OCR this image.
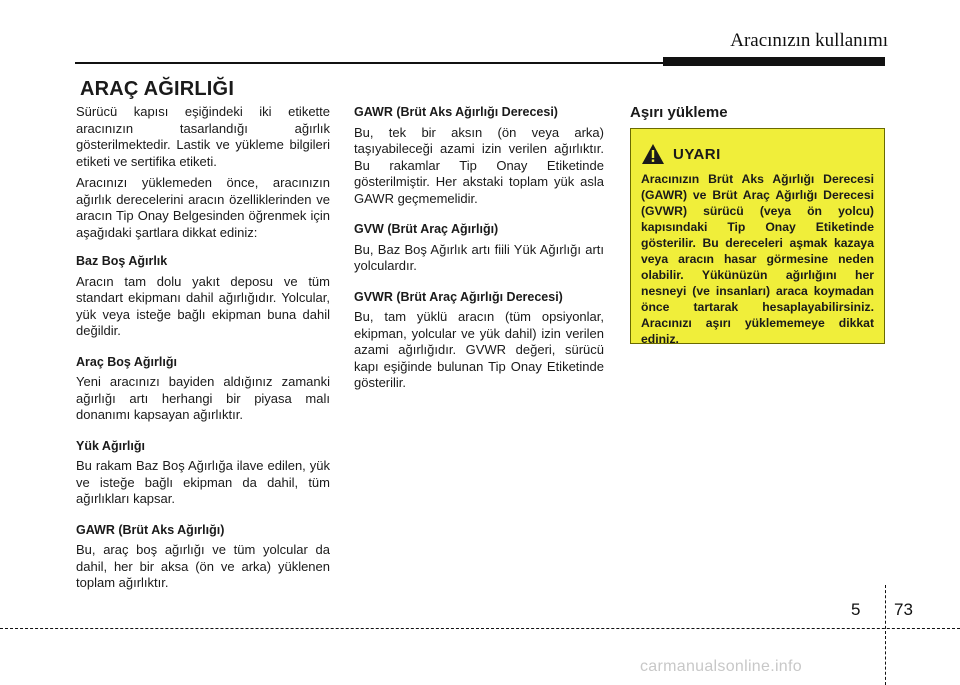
Aracınızın kullanımı
ARAÇ AĞIRLIĞI

Sürücü kapısı eşiğindeki iki etikette aracınızın tasarlandığı ağırlık gösterilmektedir. Lastik ve yükleme bilgileri etiketi ve sertifika etiketi.

Aracınızı yüklemeden önce, aracınızın ağırlık derecelerini aracın özelliklerinden ve aracın Tip Onay Belgesinden öğrenmek için aşağıdaki şartlara dikkat ediniz:

Baz Boş Ağırlık

Aracın tam dolu yakıt deposu ve tüm standart ekipmanı dahil ağırlığıdır. Yolcular, yük veya isteğe bağlı ekipman buna dahil değildir.

Araç Boş Ağırlığı

Yeni aracınızı bayiden aldığınız zamanki ağırlığı artı herhangi bir piyasa malı donanımı kapsayan ağırlıktır.

Yük Ağırlığı

Bu rakam Baz Boş Ağırlığa ilave edilen, yük ve isteğe bağlı ekipman da dahil, tüm ağırlıkları kapsar.

GAWR (Brüt Aks Ağırlığı)

Bu, araç boş ağırlığı ve tüm yolcular da dahil, her bir aksa (ön ve arka) yüklenen toplam ağırlıktır.

GAWR (Brüt Aks Ağırlığı Derecesi)

Bu, tek bir aksın (ön veya arka) taşıyabileceği azami izin verilen ağırlıktır. Bu rakamlar Tip Onay Etiketinde gösterilmiştir. Her akstaki toplam yük asla GAWR geçmemelidir.

GVW (Brüt Araç Ağırlığı)

Bu, Baz Boş Ağırlık artı fiili Yük Ağırlığı artı yolculardır.

GVWR (Brüt Araç Ağırlığı Derecesi)

Bu, tam yüklü aracın (tüm opsiyonlar, ekipman, yolcular ve yük dahil) izin verilen azami ağırlığıdır. GVWR değeri, sürücü kapı eşiğinde bulunan Tip Onay Etiketinde gösterilir.

Aşırı yükleme
UYARI
Aracınızın Brüt Aks Ağırlığı Derecesi (GAWR) ve Brüt Araç Ağırlığı Derecesi (GVWR) sürücü (veya ön yolcu) kapısındaki Tip Onay Etiketinde gösterilir. Bu dereceleri aşmak kazaya veya aracın hasar görmesine neden olabilir. Yükünüzün ağırlığını her nesneyi (ve insanları) araca koymadan önce tartarak hesaplayabilirsiniz. Aracınızı aşırı yüklememeye dikkat ediniz.
5 73
carmanualsonline.info
